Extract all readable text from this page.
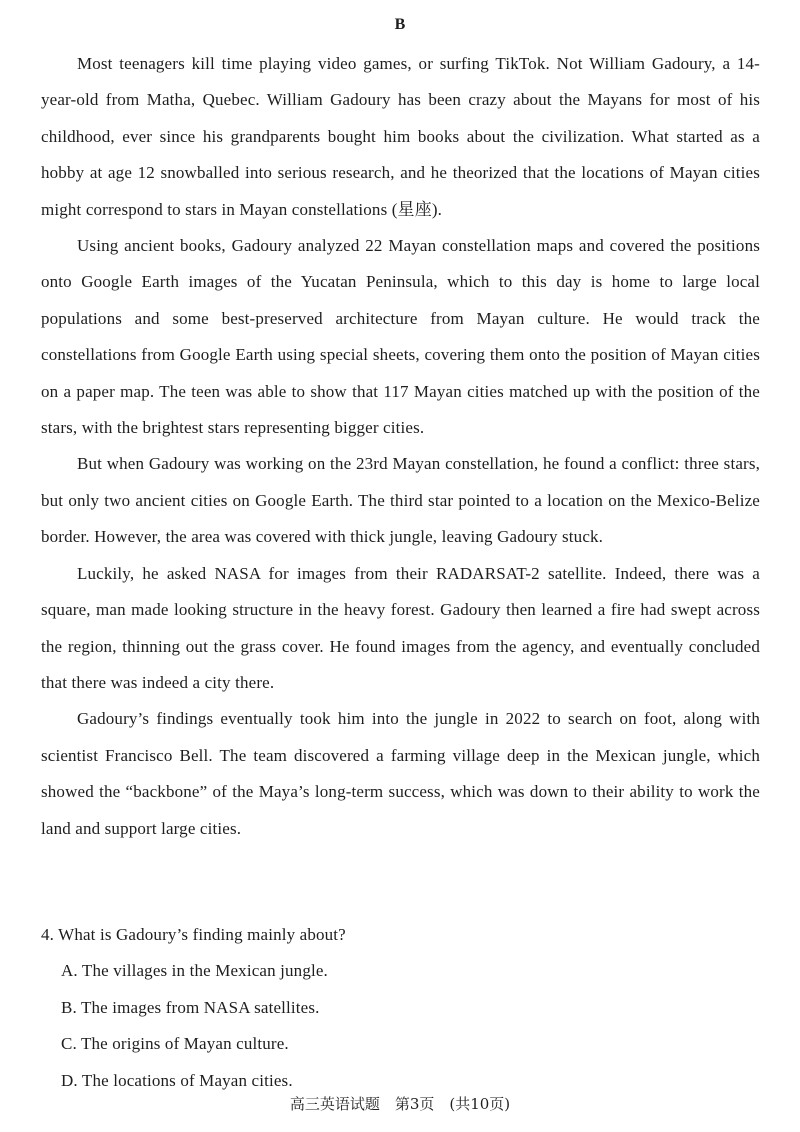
B

Most teenagers kill time playing video games, or surfing TikTok. Not William Gadoury, a 14-year-old from Matha, Quebec. William Gadoury has been crazy about the Mayans for most of his childhood, ever since his grandparents bought him books about the civilization. What started as a hobby at age 12 snowballed into serious research, and he theorized that the locations of Mayan cities might correspond to stars in Mayan constellations (星座).

Using ancient books, Gadoury analyzed 22 Mayan constellation maps and covered the positions onto Google Earth images of the Yucatan Peninsula, which to this day is home to large local populations and some best-preserved architecture from Mayan culture. He would track the constellations from Google Earth using special sheets, covering them onto the position of Mayan cities on a paper map. The teen was able to show that 117 Mayan cities matched up with the position of the stars, with the brightest stars representing bigger cities.

But when Gadoury was working on the 23rd Mayan constellation, he found a conflict: three stars, but only two ancient cities on Google Earth. The third star pointed to a location on the Mexico-Belize border. However, the area was covered with thick jungle, leaving Gadoury stuck.

Luckily, he asked NASA for images from their RADARSAT-2 satellite. Indeed, there was a square, man made looking structure in the heavy forest. Gadoury then learned a fire had swept across the region, thinning out the grass cover. He found images from the agency, and eventually concluded that there was indeed a city there.

Gadoury’s findings eventually took him into the jungle in 2022 to search on foot, along with scientist Francisco Bell. The team discovered a farming village deep in the Mexican jungle, which showed the “backbone” of the Maya’s long-term success, which was down to their ability to work the land and support large cities.

4. What is Gadoury’s finding mainly about?

A. The villages in the Mexican jungle.
B. The images from NASA satellites.
C. The origins of Mayan culture.
D. The locations of Mayan cities.
高三英语试题　第3页　(共10页)
